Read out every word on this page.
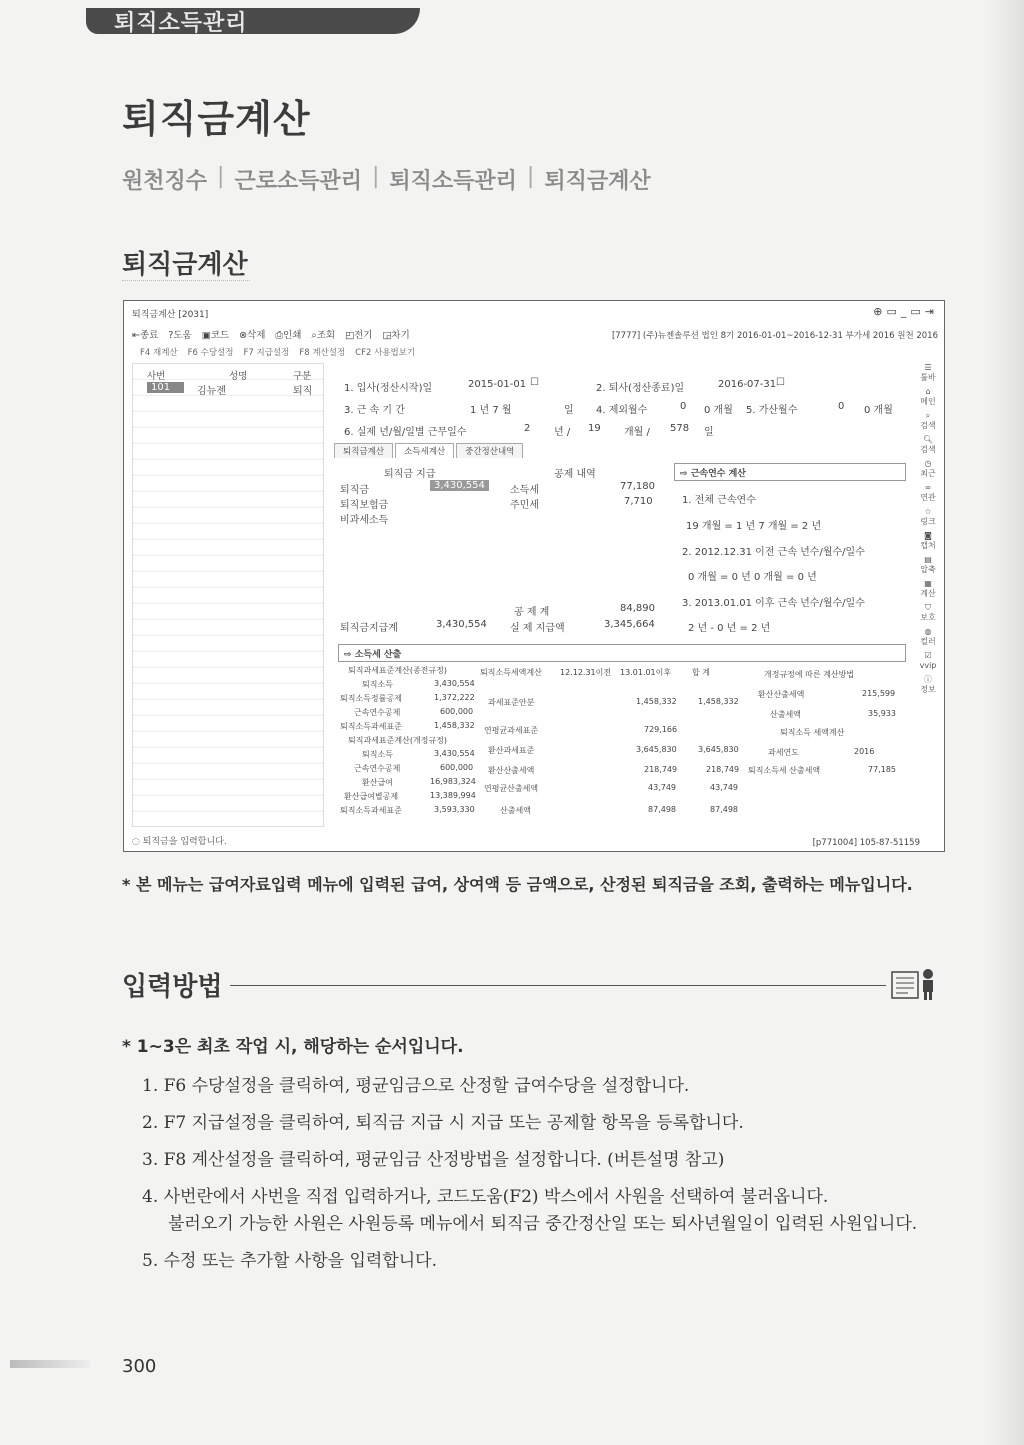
퇴직소득관리
퇴직금계산
원천징수 | 근로소득관리 | 퇴직소득관리 | 퇴직금계산
퇴직금계산
퇴직금계산 [2031]	⊕▭_▭⇥
⇤종료 ?도움 ▣코드 ⊗삭제 ⎙인쇄 ⌕조회 ◰전기 ◲차기	[7777] (주)뉴젠솔루션 법인 8기 2016-01-01~2016-12-31 부가세 2016 원천 2016
F4 재계산 F6 수당설정 F7 지급설정 F8 계산설정 CF2 사용법보기
사번	성명	구분
101	김뉴젠	퇴직	1. 입사(정산시작)일	2015-01-01 ☐
2. 퇴사(정산종료)일	2016-07-31 ☐
3. 근 속 기 간	1 년 7 월	일 4. 제외월수	0 0 개월 5. 가산월수	0 0 개월
6. 실제 년/월/일별 근무일수	2 년 / 19 개월 / 578 일
퇴직금계산	소득세계산	중간정산내역
퇴직금 지급	공제 내역
퇴직금	3,430,554
퇴직보험금
비과세소득
소득세	77,180
주민세	7,710
공 제 계	84,890
퇴직금지급계	3,430,554 실 제 지급액	3,345,664
⇨ 근속연수 계산
1. 전체 근속연수
19 개월 = 1 년 7 개월 = 2 년
2. 2012.12.31 이전 근속 년수/월수/일수
0 개월 = 0 년 0 개월 = 0 년
3. 2013.01.01 이후 근속 년수/월수/일수
2 년 - 0 년 = 2 년
⇨ 소득세 산출
퇴직과세표준계산(종전규정)
퇴직소득	3,430,554
퇴직소득정률공제	1,372,222
근속연수공제	600,000
퇴직소득과세표준	1,458,332
퇴직과세표준계산(개정규정)
퇴직소득	3,430,554
근속연수공제	600,000
환산급여	16,983,324
환산급여별공제	13,389,994
퇴직소득과세표준	3,593,330
퇴직소득세액계산 12.12.31이전 13.01.01이후	합 계
과세표준안분	1,458,332	1,458,332
연평균과세표준	729,166
환산과세표준	3,645,830	3,645,830
환산산출세액	218,749	218,749
연평균산출세액	43,749	43,749
산출세액	87,498	87,498
개정규정에 따른 계산방법
환산산출세액	215,599
산출세액	35,933
퇴직소득 세액계산
과세연도	2016
퇴직소득세 산출세액	77,185
☰
툴바
⌂
메인
⌕
검색
🔍︎
검색
◷
최근
∞
연관
☆
링크
◙
캡처
▤
압축
▦
계산
⛉
보호
◍
컬러
☑
vvip
ⓘ
정보
◌ 퇴직금을 입력합니다.	[p771004] 105-87-51159
* 본 메뉴는 급여자료입력 메뉴에 입력된 급여, 상여액 등 금액으로, 산정된 퇴직금을 조회, 출력하는 메뉴입니다.
입력방법
* 1~3은 최초 작업 시, 해당하는 순서입니다.
1. F6 수당설정을 클릭하여, 평균임금으로 산정할 급여수당을 설정합니다.
2. F7 지급설정을 클릭하여, 퇴직금 지급 시 지급 또는 공제할 항목을 등록합니다.
3. F8 계산설정을 클릭하여, 평균임금 산정방법을 설정합니다. (버튼설명 참고)
4. 사번란에서 사번을 직접 입력하거나, 코드도움(F2) 박스에서 사원을 선택하여 불러옵니다.
불러오기 가능한 사원은 사원등록 메뉴에서 퇴직금 중간정산일 또는 퇴사년월일이 입력된 사원입니다.
5. 수정 또는 추가할 사항을 입력합니다.
300
